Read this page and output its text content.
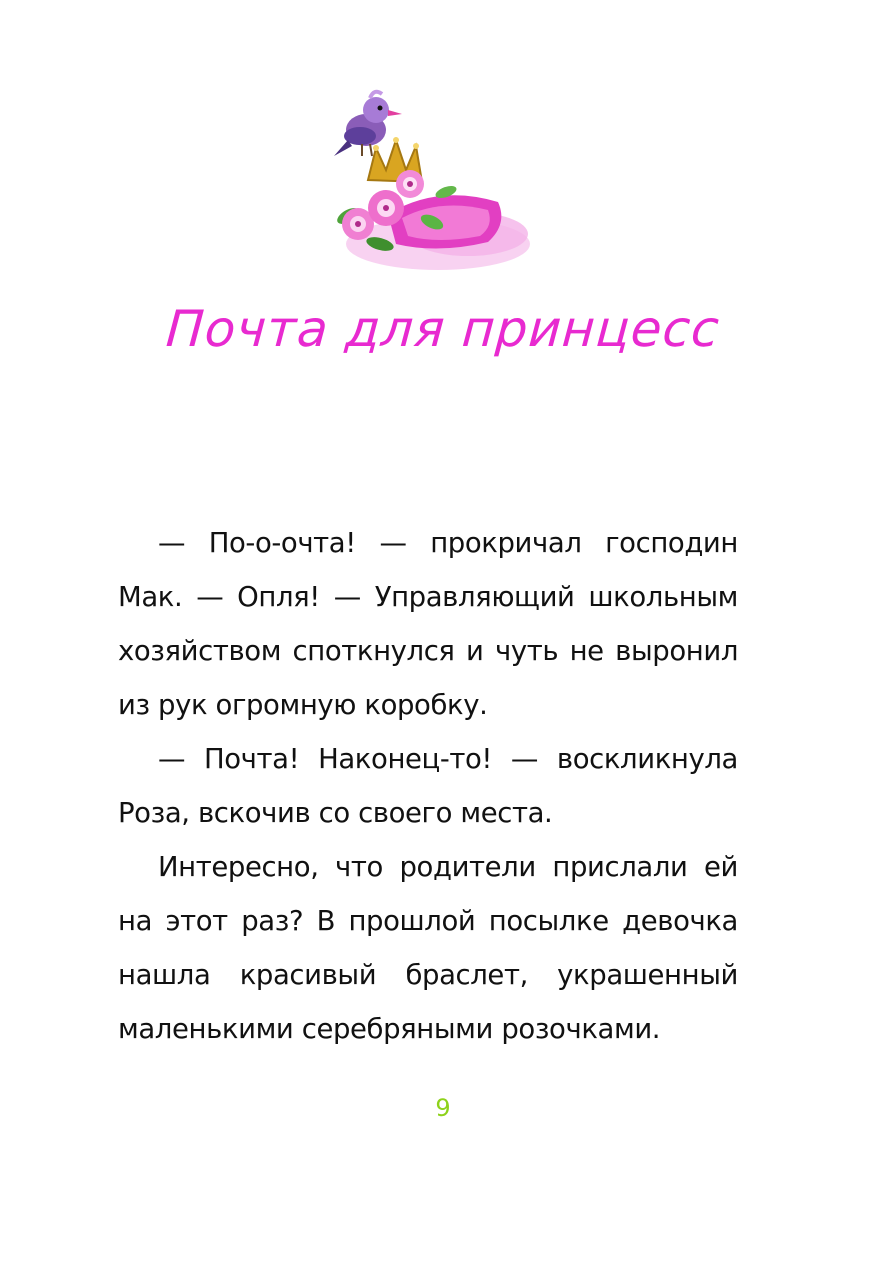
Почта для принцесс

— По-о-очта! — прокричал господин Мак. — Опля! — Управляющий школьным хозяйством споткнулся и чуть не выронил из рук огромную коробку.

— Почта! Наконец-то! — воскликнула Роза, вскочив со своего места.

Интересно, что родители прислали ей на этот раз? В прошлой посылке девочка нашла красивый браслет, украшенный маленькими серебряными розочками.

9
